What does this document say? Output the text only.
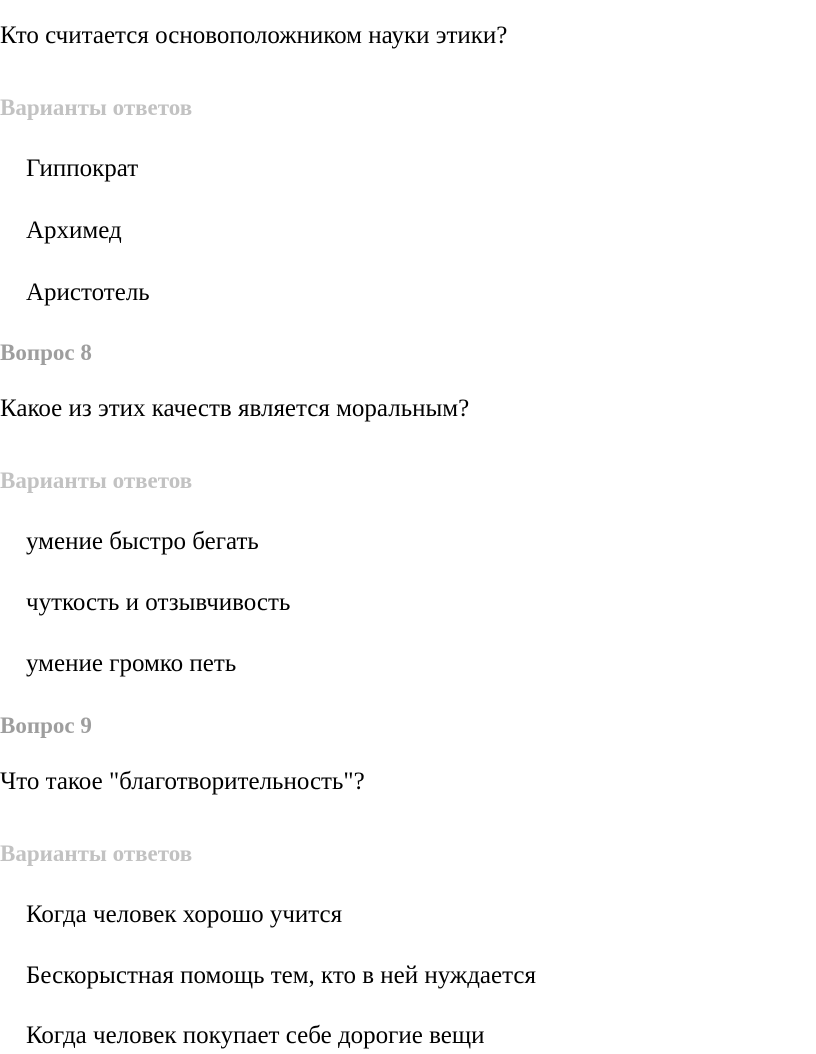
Кто считается основоположником науки этики?
Варианты ответов
Гиппократ
Архимед
Аристотель
Вопрос 8
Какое из этих качеств является моральным?
Варианты ответов
умение быстро бегать
чуткость и отзывчивость
умение громко петь
Вопрос 9
Что такое "благотворительность"?
Варианты ответов
Когда человек хорошо учится
Бескорыстная помощь тем, кто в ней нуждается
Когда человек покупает себе дорогие вещи
